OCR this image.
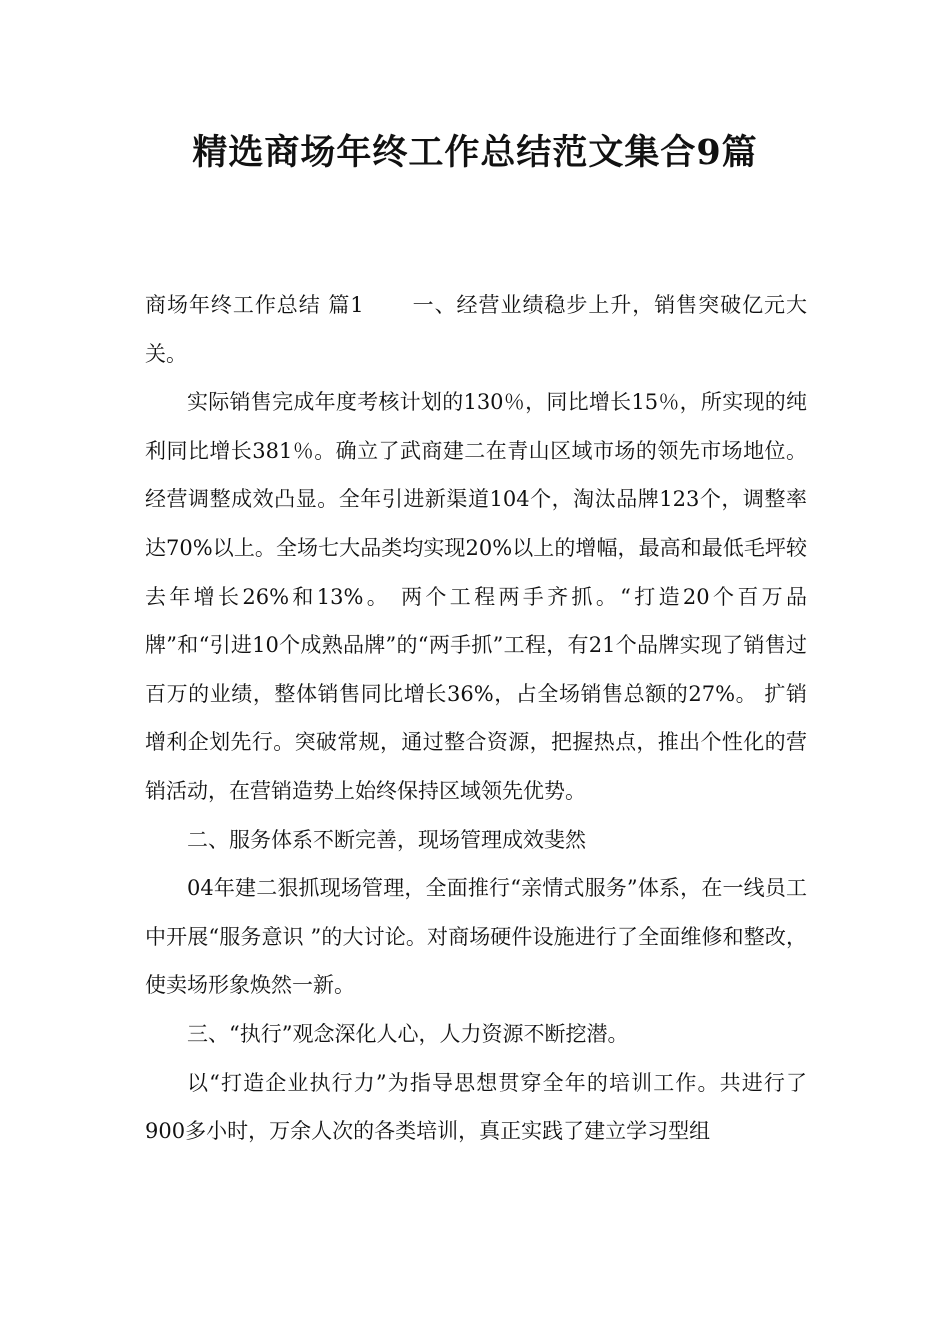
精选商场年终工作总结范文集合9篇

商场年终工作总结 篇1 一、经营业绩稳步上升，销售突破亿元大关。

实际销售完成年度考核计划的130％，同比增长15％，所实现的纯利同比增长381％。确立了武商建二在青山区域市场的领先市场地位。 经营调整成效凸显。全年引进新渠道104个，淘汰品牌123个，调整率达70%以上。全场七大品类均实现20%以上的增幅，最高和最低毛坪较去年增长26%和13%。 两个工程两手齐抓。“打造20个百万品牌”和“引进10个成熟品牌”的“两手抓”工程，有21个品牌实现了销售过百万的业绩，整体销售同比增长36%，占全场销售总额的27%。 扩销增利企划先行。突破常规，通过整合资源，把握热点，推出个性化的营销活动，在营销造势上始终保持区域领先优势。

二、服务体系不断完善，现场管理成效斐然

04年建二狠抓现场管理，全面推行“亲情式服务”体系，在一线员工中开展“服务意识 ”的大讨论。对商场硬件设施进行了全面维修和整改，使卖场形象焕然一新。

三、“执行”观念深化人心，人力资源不断挖潜。

以“打造企业执行力”为指导思想贯穿全年的培训工作。共进行了900多小时，万余人次的各类培训，真正实践了建立学习型组
